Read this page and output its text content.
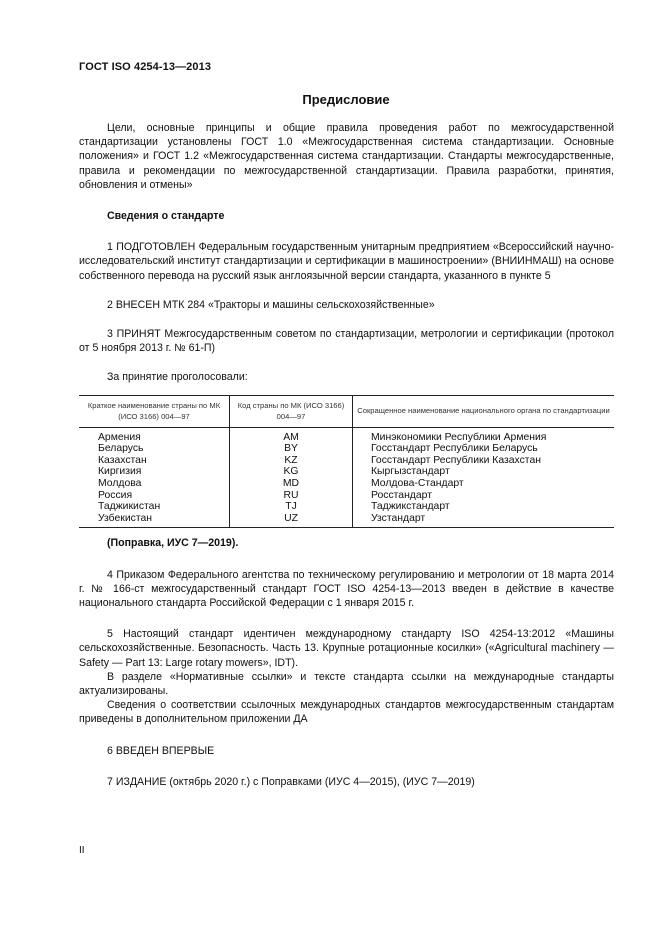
ГОСТ ISO 4254-13—2013
Предисловие

Цели, основные принципы и общие правила проведения работ по межгосударственной стандартизации установлены ГОСТ 1.0 «Межгосударственная система стандартизации. Основные положения» и ГОСТ 1.2 «Межгосударственная система стандартизации. Стандарты межгосударственные, правила и рекомендации по межгосударственной стандартизации. Правила разработки, принятия, обновления и отмены»

Сведения о стандарте

1 ПОДГОТОВЛЕН Федеральным государственным унитарным предприятием «Всероссийский научно-исследовательский институт стандартизации и сертификации в машиностроении» (ВНИИНМАШ) на основе собственного перевода на русский язык англоязычной версии стандарта, указанного в пункте 5

2 ВНЕСЕН МТК 284 «Тракторы и машины сельскохозяйственные»

3 ПРИНЯТ Межгосударственным советом по стандартизации, метрологии и сертификации (протокол от 5 ноября 2013 г. № 61-П)

За принятие проголосовали:

Краткое наименование страны по МК (ИСО 3166) 004—97	Код страны по МК (ИСО 3166) 004—97	Сокращенное наименование национального органа по стандартизации
Армения	AM	Минэкономики Республики Армения
Беларусь	BY	Госстандарт Республики Беларусь
Казахстан	KZ	Госстандарт Республики Казахстан
Киргизия	KG	Кыргызстандарт
Молдова	MD	Молдова-Стандарт
Россия	RU	Росстандарт
Таджикистан	TJ	Таджикстандарт
Узбекистан	UZ	Узстандарт

(Поправка, ИУС 7—2019).

4 Приказом Федерального агентства по техническому регулированию и метрологии от 18 марта 2014 г. № 166-ст межгосударственный стандарт ГОСТ ISO 4254-13—2013 введен в действие в качестве национального стандарта Российской Федерации с 1 января 2015 г.

5 Настоящий стандарт идентичен международному стандарту ISO 4254-13:2012 «Машины сельскохозяйственные. Безопасность. Часть 13. Крупные ротационные косилки» («Agricultural machinery — Safety — Part 13: Large rotary mowers», IDT).

В разделе «Нормативные ссылки» и тексте стандарта ссылки на международные стандарты актуализированы.

Сведения о соответствии ссылочных международных стандартов межгосударственным стандартам приведены в дополнительном приложении ДА

6 ВВЕДЕН ВПЕРВЫЕ

7 ИЗДАНИЕ (октябрь 2020 г.) с Поправками (ИУС 4—2015), (ИУС 7—2019)

II
